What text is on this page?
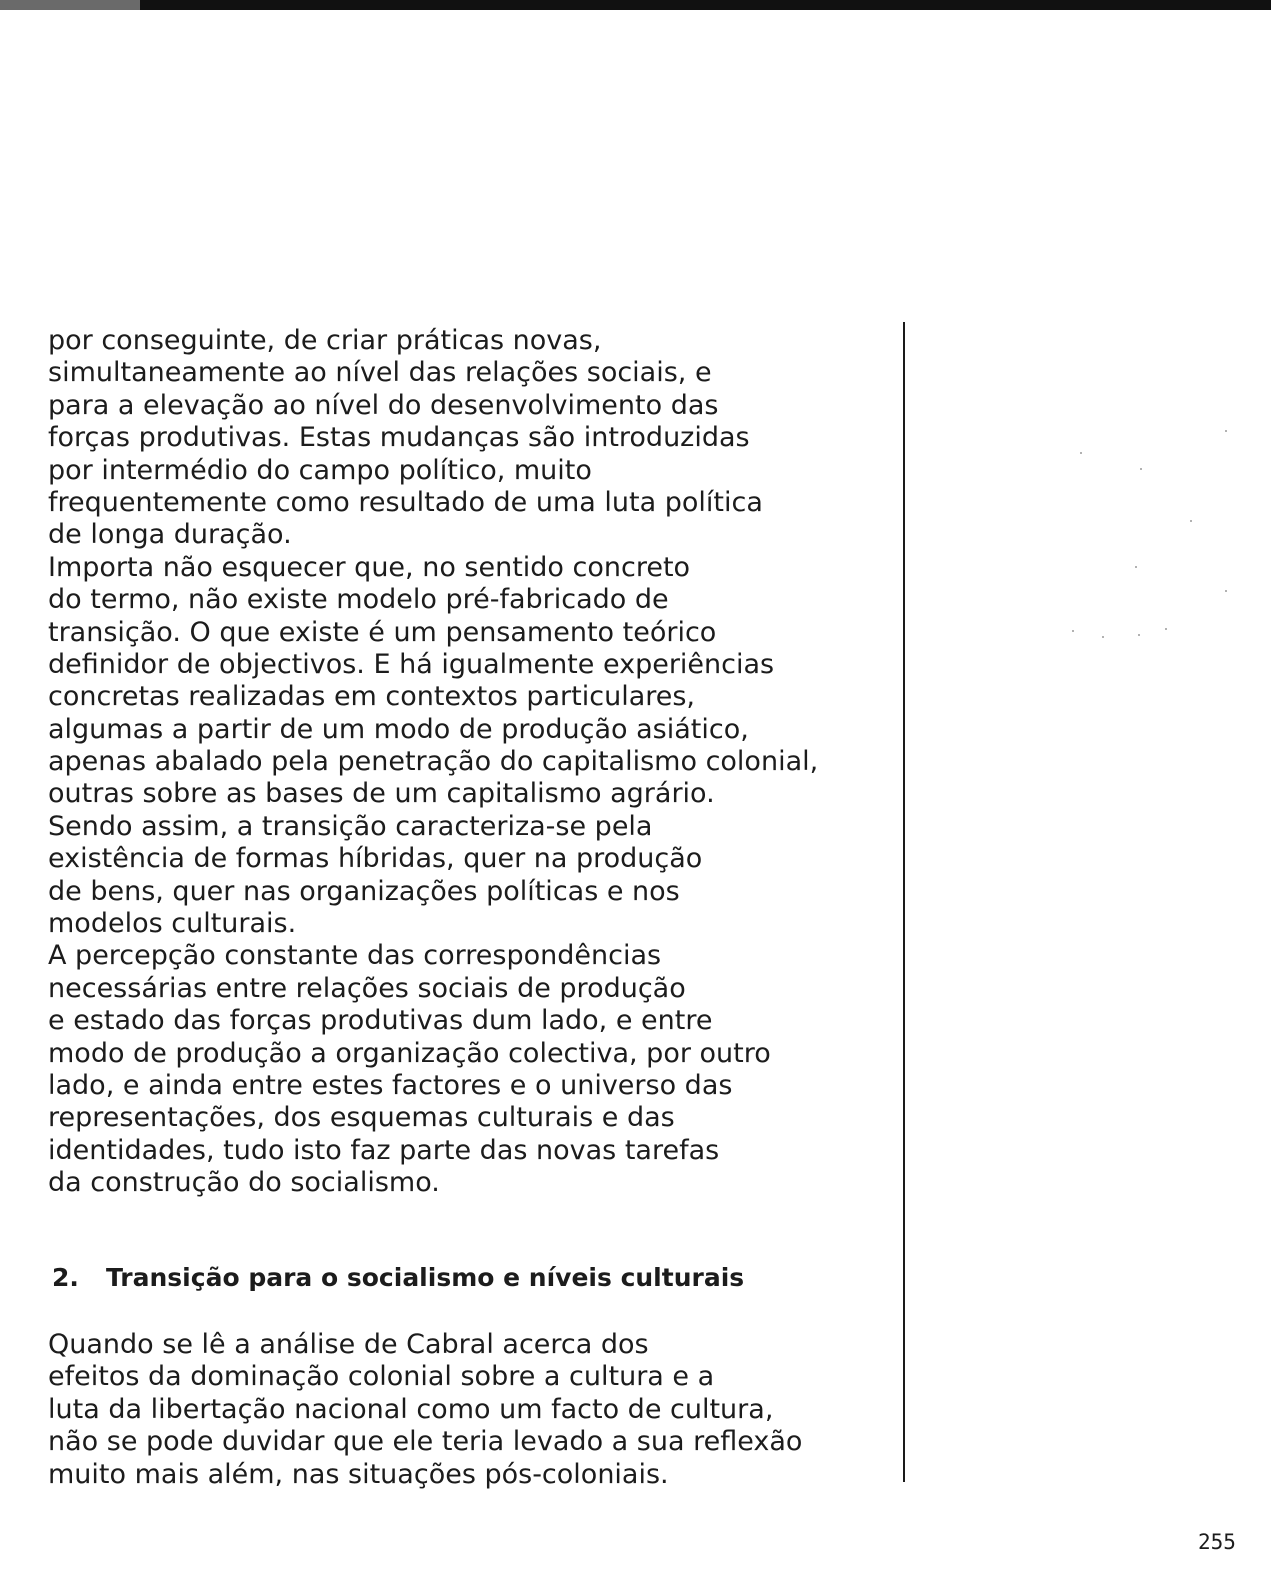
por conseguinte, de criar práticas novas,
simultaneamente ao nível das relações sociais, e
para a elevação ao nível do desenvolvimento das
forças produtivas. Estas mudanças são introduzidas
por intermédio do campo político, muito
frequentemente como resultado de uma luta política
de longa duração.
Importa não esquecer que, no sentido concreto
do termo, não existe modelo pré-fabricado de
transição. O que existe é um pensamento teórico
definidor de objectivos. E há igualmente experiências
concretas realizadas em contextos particulares,
algumas a partir de um modo de produção asiático,
apenas abalado pela penetração do capitalismo colonial,
outras sobre as bases de um capitalismo agrário.
Sendo assim, a transição caracteriza-se pela
existência de formas híbridas, quer na produção
de bens, quer nas organizações políticas e nos
modelos culturais.
A percepção constante das correspondências
necessárias entre relações sociais de produção
e estado das forças produtivas dum lado, e entre
modo de produção a organização colectiva, por outro
lado, e ainda entre estes factores e o universo das
representações, dos esquemas culturais e das
identidades, tudo isto faz parte das novas tarefas
da construção do socialismo.
2. Transição para o socialismo e níveis culturais
Quando se lê a análise de Cabral acerca dos
efeitos da dominação colonial sobre a cultura e a
luta da libertação nacional como um facto de cultura,
não se pode duvidar que ele teria levado a sua reflexão
muito mais além, nas situações pós-coloniais.
255
